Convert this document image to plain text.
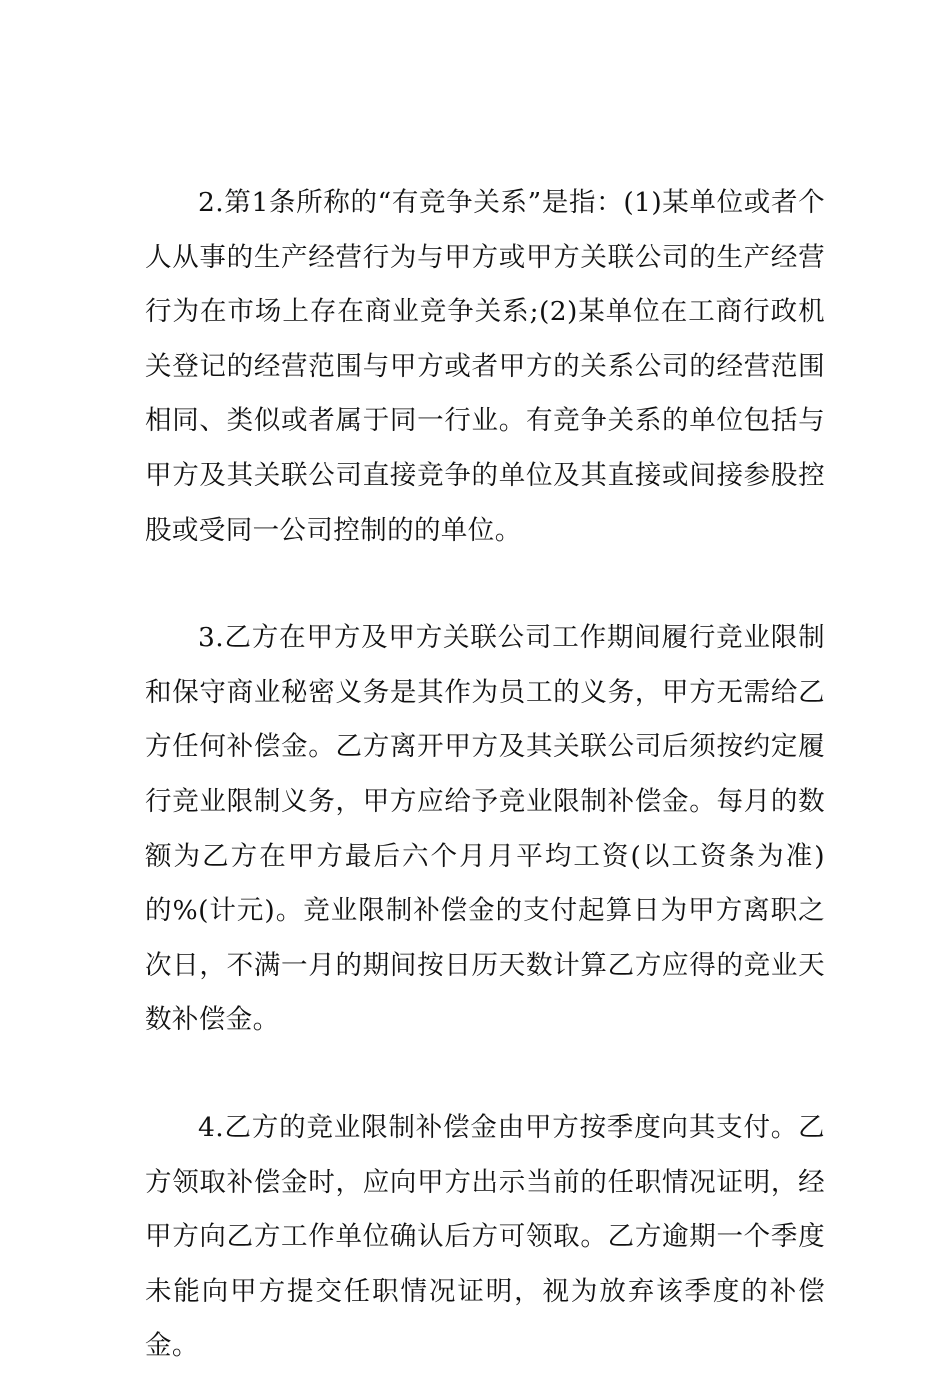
2.第1条所称的“有竞争关系”是指：(1)某单位或者个人从事的生产经营行为与甲方或甲方关联公司的生产经营行为在市场上存在商业竞争关系;(2)某单位在工商行政机关登记的经营范围与甲方或者甲方的关系公司的经营范围相同、类似或者属于同一行业。有竞争关系的单位包括与甲方及其关联公司直接竞争的单位及其直接或间接参股控股或受同一公司控制的的单位。

3.乙方在甲方及甲方关联公司工作期间履行竞业限制和保守商业秘密义务是其作为员工的义务，甲方无需给乙方任何补偿金。乙方离开甲方及其关联公司后须按约定履行竞业限制义务，甲方应给予竞业限制补偿金。每月的数额为乙方在甲方最后六个月月平均工资(以工资条为准)的%(计元)。竞业限制补偿金的支付起算日为甲方离职之次日，不满一月的期间按日历天数计算乙方应得的竞业天数补偿金。

4.乙方的竞业限制补偿金由甲方按季度向其支付。乙方领取补偿金时，应向甲方出示当前的任职情况证明，经甲方向乙方工作单位确认后方可领取。乙方逾期一个季度未能向甲方提交任职情况证明，视为放弃该季度的补偿金。
